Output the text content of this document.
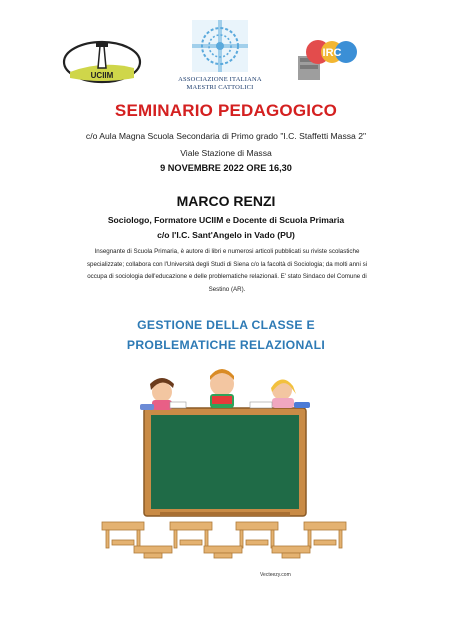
UCIIM	ASSOCIAZIONE ITALIANA
MAESTRI CATTOLICI
IRC
SEMINARIO PEDAGOGICO
c/o Aula Magna Scuola Secondaria di Primo grado "I.C. Staffetti Massa 2"
Viale Stazione di Massa
9 NOVEMBRE 2022 ORE 16,30
MARCO RENZI
Sociologo, Formatore UCIIM e Docente di Scuola Primaria
c/o l'I.C. Sant'Angelo in Vado (PU)
Insegnante di Scuola Primaria, è autore di libri e numerosi articoli pubblicati su riviste scolastiche specializzate; collabora con l'Università degli Studi di Siena c/o la facoltà di Sociologia; da molti anni si occupa di sociologia dell'educazione e delle problematiche relazionali. E' stato Sindaco del Comune di Sestino (AR).
GESTIONE DELLA CLASSE E
PROBLEMATICHE RELAZIONALI
Vecteezy.com
